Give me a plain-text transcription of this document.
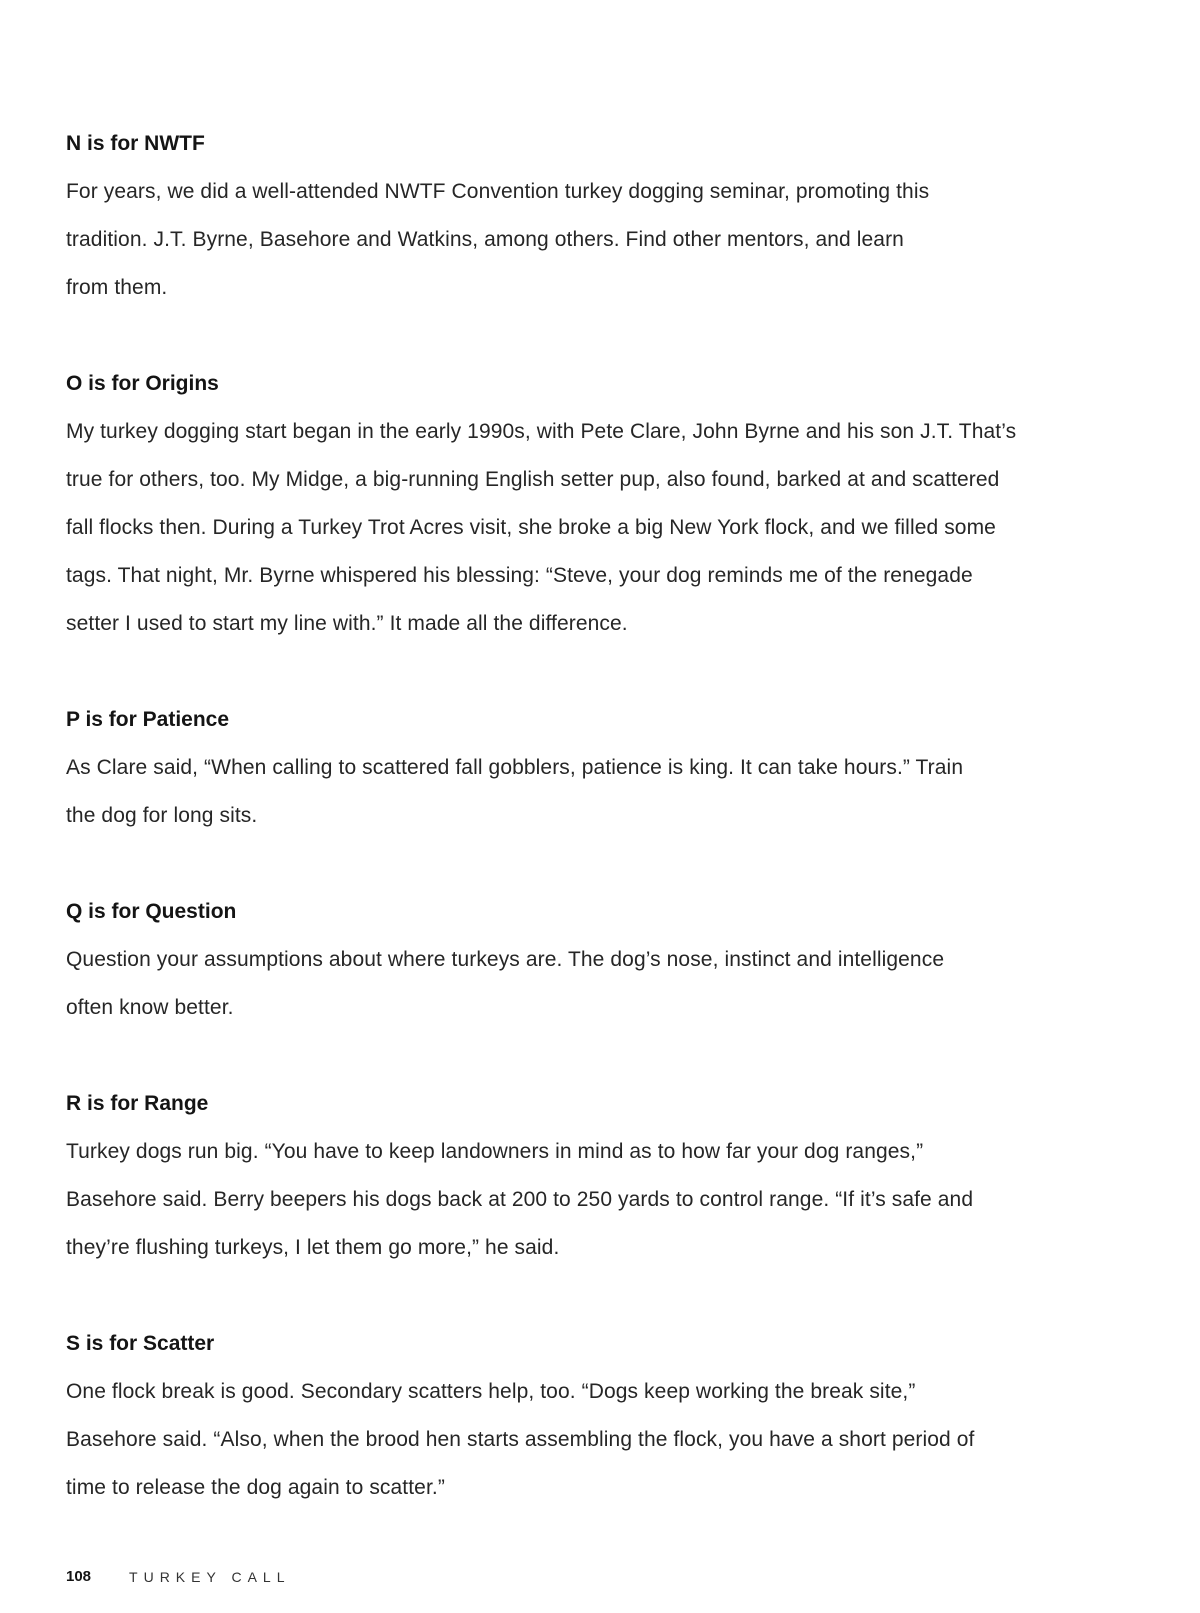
N is for NWTF

For years, we did a well-attended NWTF Convention turkey dogging seminar, promoting this

tradition. J.T. Byrne, Basehore and Watkins, among others. Find other mentors, and learn

from them.

O is for Origins

My turkey dogging start began in the early 1990s, with Pete Clare, John Byrne and his son J.T. That’s

true for others, too. My Midge, a big-running English setter pup, also found, barked at and scattered

fall flocks then. During a Turkey Trot Acres visit, she broke a big New York flock, and we filled some

tags. That night, Mr. Byrne whispered his blessing: “Steve, your dog reminds me of the renegade

setter I used to start my line with.” It made all the difference.

P is for Patience

As Clare said, “When calling to scattered fall gobblers, patience is king. It can take hours.” Train

the dog for long sits.

Q is for Question

Question your assumptions about where turkeys are. The dog’s nose, instinct and intelligence

often know better.

R is for Range

Turkey dogs run big. “You have to keep landowners in mind as to how far your dog ranges,”

Basehore said. Berry beepers his dogs back at 200 to 250 yards to control range. “If it’s safe and

they’re flushing turkeys, I let them go more,” he said.

S is for Scatter

One flock break is good. Secondary scatters help, too. “Dogs keep working the break site,”

Basehore said. “Also, when the brood hen starts assembling the flock, you have a short period of

time to release the dog again to scatter.”

108	TURKEY CALL
